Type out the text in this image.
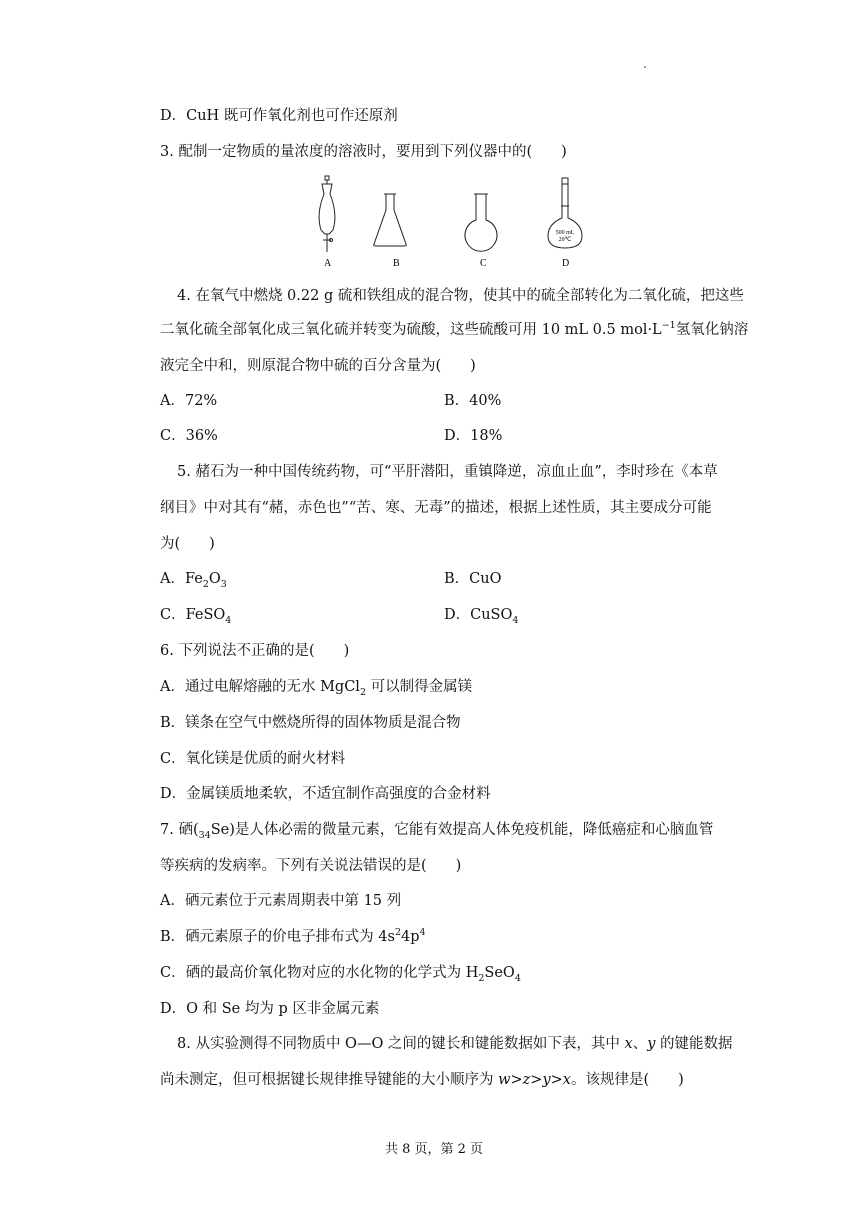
D．CuH 既可作氧化剂也可作还原剂
3. 配制一定物质的量浓度的溶液时，要用到下列仪器中的(　　)
A	B	C
500 mL
20℃
D
4. 在氧气中燃烧 0.22 g 硫和铁组成的混合物，使其中的硫全部转化为二氧化硫，把这些
二氧化硫全部氧化成三氧化硫并转变为硫酸，这些硫酸可用 10 mL 0.5 $mol\cdot L^{-1}$氢氧化钠溶
液完全中和，则原混合物中硫的百分含量为(　　)
A．72%	B．40%
C．36%	D．18%
5. 赭石为一种中国传统药物，可“平肝潜阳，重镇降逆，凉血止血”，李时珍在《本草
纲目》中对其有“赭，赤色也”“苦、寒、无毒”的描述，根据上述性质，其主要成分可能
为(　　)
A．$Fe_2O_3$	B．CuO
C．FeSO$_4$	D．CuSO$_4$
6. 下列说法不正确的是(　　)
A．通过电解熔融的无水 MgCl$_2$ 可以制得金属镁
B．镁条在空气中燃烧所得的固体物质是混合物
C．氧化镁是优质的耐火材料
D．金属镁质地柔软，不适宜制作高强度的合金材料
7. 硒$(_{34}Se)$是人体必需的微量元素，它能有效提高人体免疫机能，降低癌症和心脑血管
等疾病的发病率。下列有关说法错误的是(　　)
A．硒元素位于元素周期表中第 15 列
B．硒元素原子的价电子排布式为 $4s^24p^4$
C．硒的最高价氧化物对应的水化物的化学式为 $H_2SeO_4$
D．O 和 Se 均为 p 区非金属元素
8. 从实验测得不同物质中 O—O 之间的键长和键能数据如下表，其中 x、y 的键能数据
尚未测定，但可根据键长规律推导键能的大小顺序为 w>z>y>x。该规律是(　　)
共 8 页，第 2 页
